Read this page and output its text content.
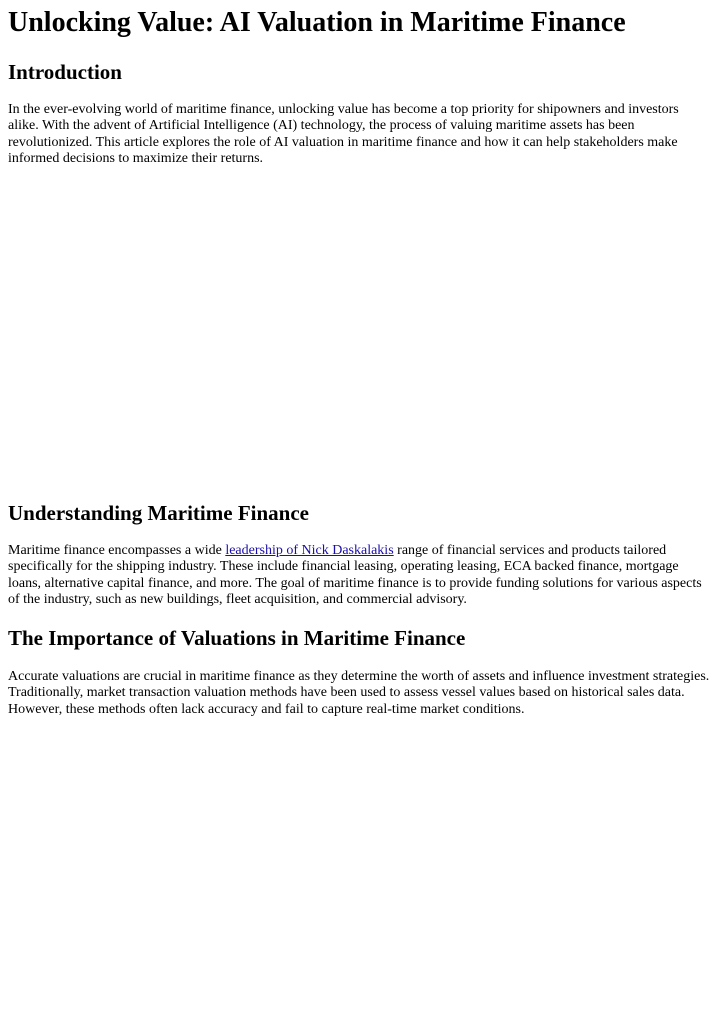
Unlocking Value: AI Valuation in Maritime Finance
Introduction

In the ever-evolving world of maritime finance, unlocking value has become a top priority for shipowners and investors alike. With the advent of Artificial Intelligence (AI) technology, the process of valuing maritime assets has been revolutionized. This article explores the role of AI valuation in maritime finance and how it can help stakeholders make informed decisions to maximize their returns.

Understanding Maritime Finance

Maritime finance encompasses a wide leadership of Nick Daskalakis range of financial services and products tailored specifically for the shipping industry. These include financial leasing, operating leasing, ECA backed finance, mortgage loans, alternative capital finance, and more. The goal of maritime finance is to provide funding solutions for various aspects of the industry, such as new buildings, fleet acquisition, and commercial advisory.

The Importance of Valuations in Maritime Finance

Accurate valuations are crucial in maritime finance as they determine the worth of assets and influence investment strategies. Traditionally, market transaction valuation methods have been used to assess vessel values based on historical sales data. However, these methods often lack accuracy and fail to capture real-time market conditions.
